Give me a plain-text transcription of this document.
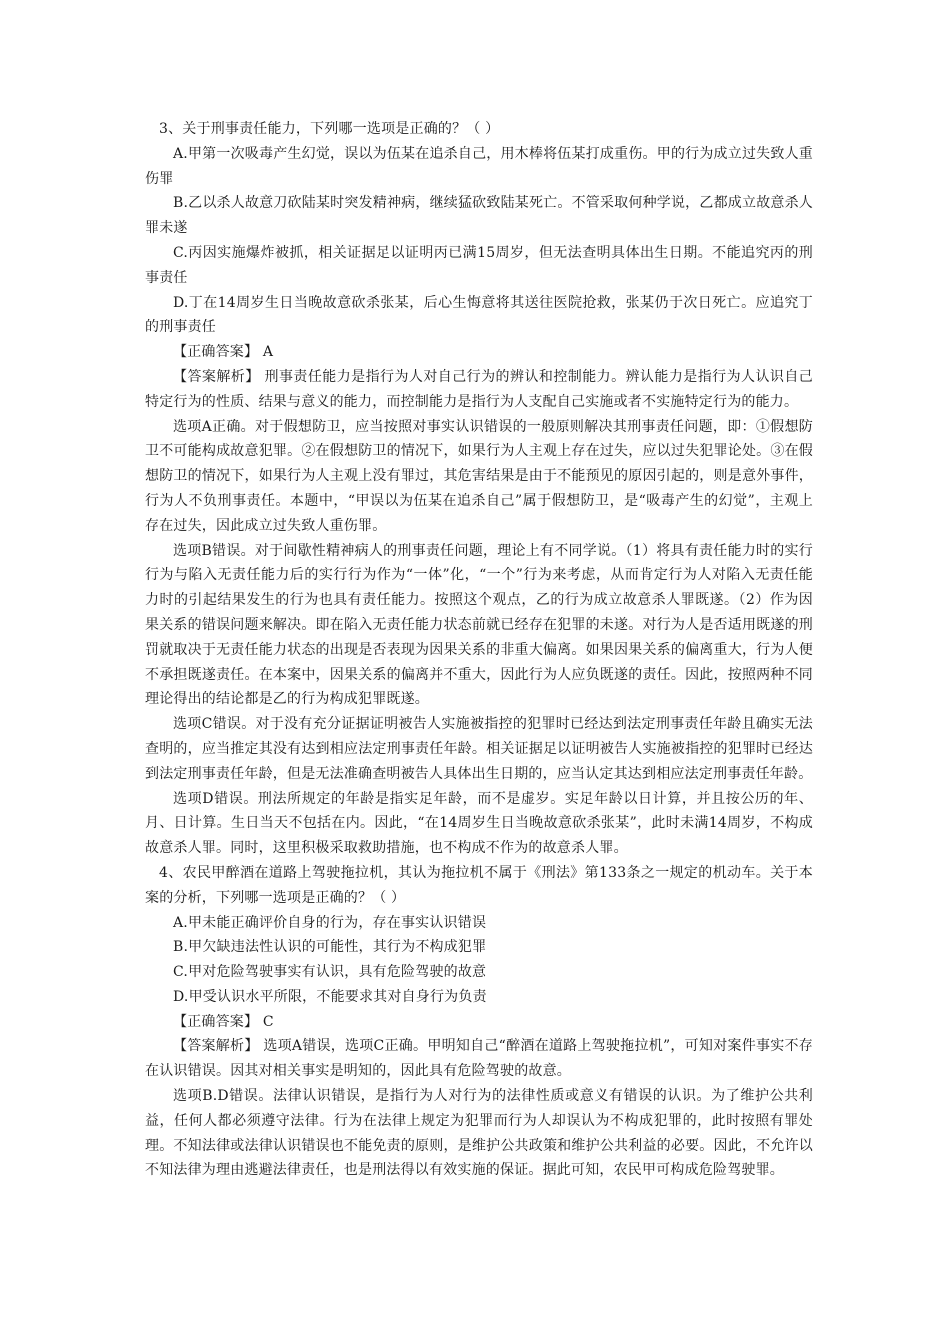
3、关于刑事责任能力，下列哪一选项是正确的？（ ）

A.甲第一次吸毒产生幻觉，误以为伍某在追杀自己，用木棒将伍某打成重伤。甲的行为成立过失致人重伤罪

B.乙以杀人故意刀砍陆某时突发精神病，继续猛砍致陆某死亡。不管采取何种学说，乙都成立故意杀人罪未遂

C.丙因实施爆炸被抓，相关证据足以证明丙已满15周岁，但无法查明具体出生日期。不能追究丙的刑事责任

D.丁在14周岁生日当晚故意砍杀张某，后心生悔意将其送往医院抢救，张某仍于次日死亡。应追究丁的刑事责任

【正确答案】 A

【答案解析】 刑事责任能力是指行为人对自己行为的辨认和控制能力。辨认能力是指行为人认识自己特定行为的性质、结果与意义的能力，而控制能力是指行为人支配自己实施或者不实施特定行为的能力。

选项A正确。对于假想防卫，应当按照对事实认识错误的一般原则解决其刑事责任问题，即：①假想防卫不可能构成故意犯罪。②在假想防卫的情况下，如果行为人主观上存在过失，应以过失犯罪论处。③在假想防卫的情况下，如果行为人主观上没有罪过，其危害结果是由于不能预见的原因引起的，则是意外事件，行为人不负刑事责任。本题中，“甲误以为伍某在追杀自己”属于假想防卫，是“吸毒产生的幻觉”，主观上存在过失，因此成立过失致人重伤罪。

选项B错误。对于间歇性精神病人的刑事责任问题，理论上有不同学说。（1）将具有责任能力时的实行行为与陷入无责任能力后的实行行为作为“一体”化，“一个”行为来考虑，从而肯定行为人对陷入无责任能力时的引起结果发生的行为也具有责任能力。按照这个观点，乙的行为成立故意杀人罪既遂。（2）作为因果关系的错误问题来解决。即在陷入无责任能力状态前就已经存在犯罪的未遂。对行为人是否适用既遂的刑罚就取决于无责任能力状态的出现是否表现为因果关系的非重大偏离。如果因果关系的偏离重大，行为人便不承担既遂责任。在本案中，因果关系的偏离并不重大，因此行为人应负既遂的责任。因此，按照两种不同理论得出的结论都是乙的行为构成犯罪既遂。

选项C错误。对于没有充分证据证明被告人实施被指控的犯罪时已经达到法定刑事责任年龄且确实无法查明的，应当推定其没有达到相应法定刑事责任年龄。相关证据足以证明被告人实施被指控的犯罪时已经达到法定刑事责任年龄，但是无法准确查明被告人具体出生日期的，应当认定其达到相应法定刑事责任年龄。

选项D错误。刑法所规定的年龄是指实足年龄，而不是虚岁。实足年龄以日计算，并且按公历的年、月、日计算。生日当天不包括在内。因此，“在14周岁生日当晚故意砍杀张某”，此时未满14周岁，不构成故意杀人罪。同时，这里积极采取救助措施，也不构成不作为的故意杀人罪。

4、农民甲醉酒在道路上驾驶拖拉机，其认为拖拉机不属于《刑法》第133条之一规定的机动车。关于本案的分析，下列哪一选项是正确的？（ ）

A.甲未能正确评价自身的行为，存在事实认识错误

B.甲欠缺违法性认识的可能性，其行为不构成犯罪

C.甲对危险驾驶事实有认识，具有危险驾驶的故意

D.甲受认识水平所限，不能要求其对自身行为负责

【正确答案】 C

【答案解析】 选项A错误，选项C正确。甲明知自己“醉酒在道路上驾驶拖拉机”，可知对案件事实不存在认识错误。因其对相关事实是明知的，因此具有危险驾驶的故意。

选项B.D错误。法律认识错误，是指行为人对行为的法律性质或意义有错误的认识。为了维护公共利益，任何人都必须遵守法律。行为在法律上规定为犯罪而行为人却误认为不构成犯罪的，此时按照有罪处理。不知法律或法律认识错误也不能免责的原则，是维护公共政策和维护公共利益的必要。因此，不允许以不知法律为理由逃避法律责任，也是刑法得以有效实施的保证。据此可知，农民甲可构成危险驾驶罪。
